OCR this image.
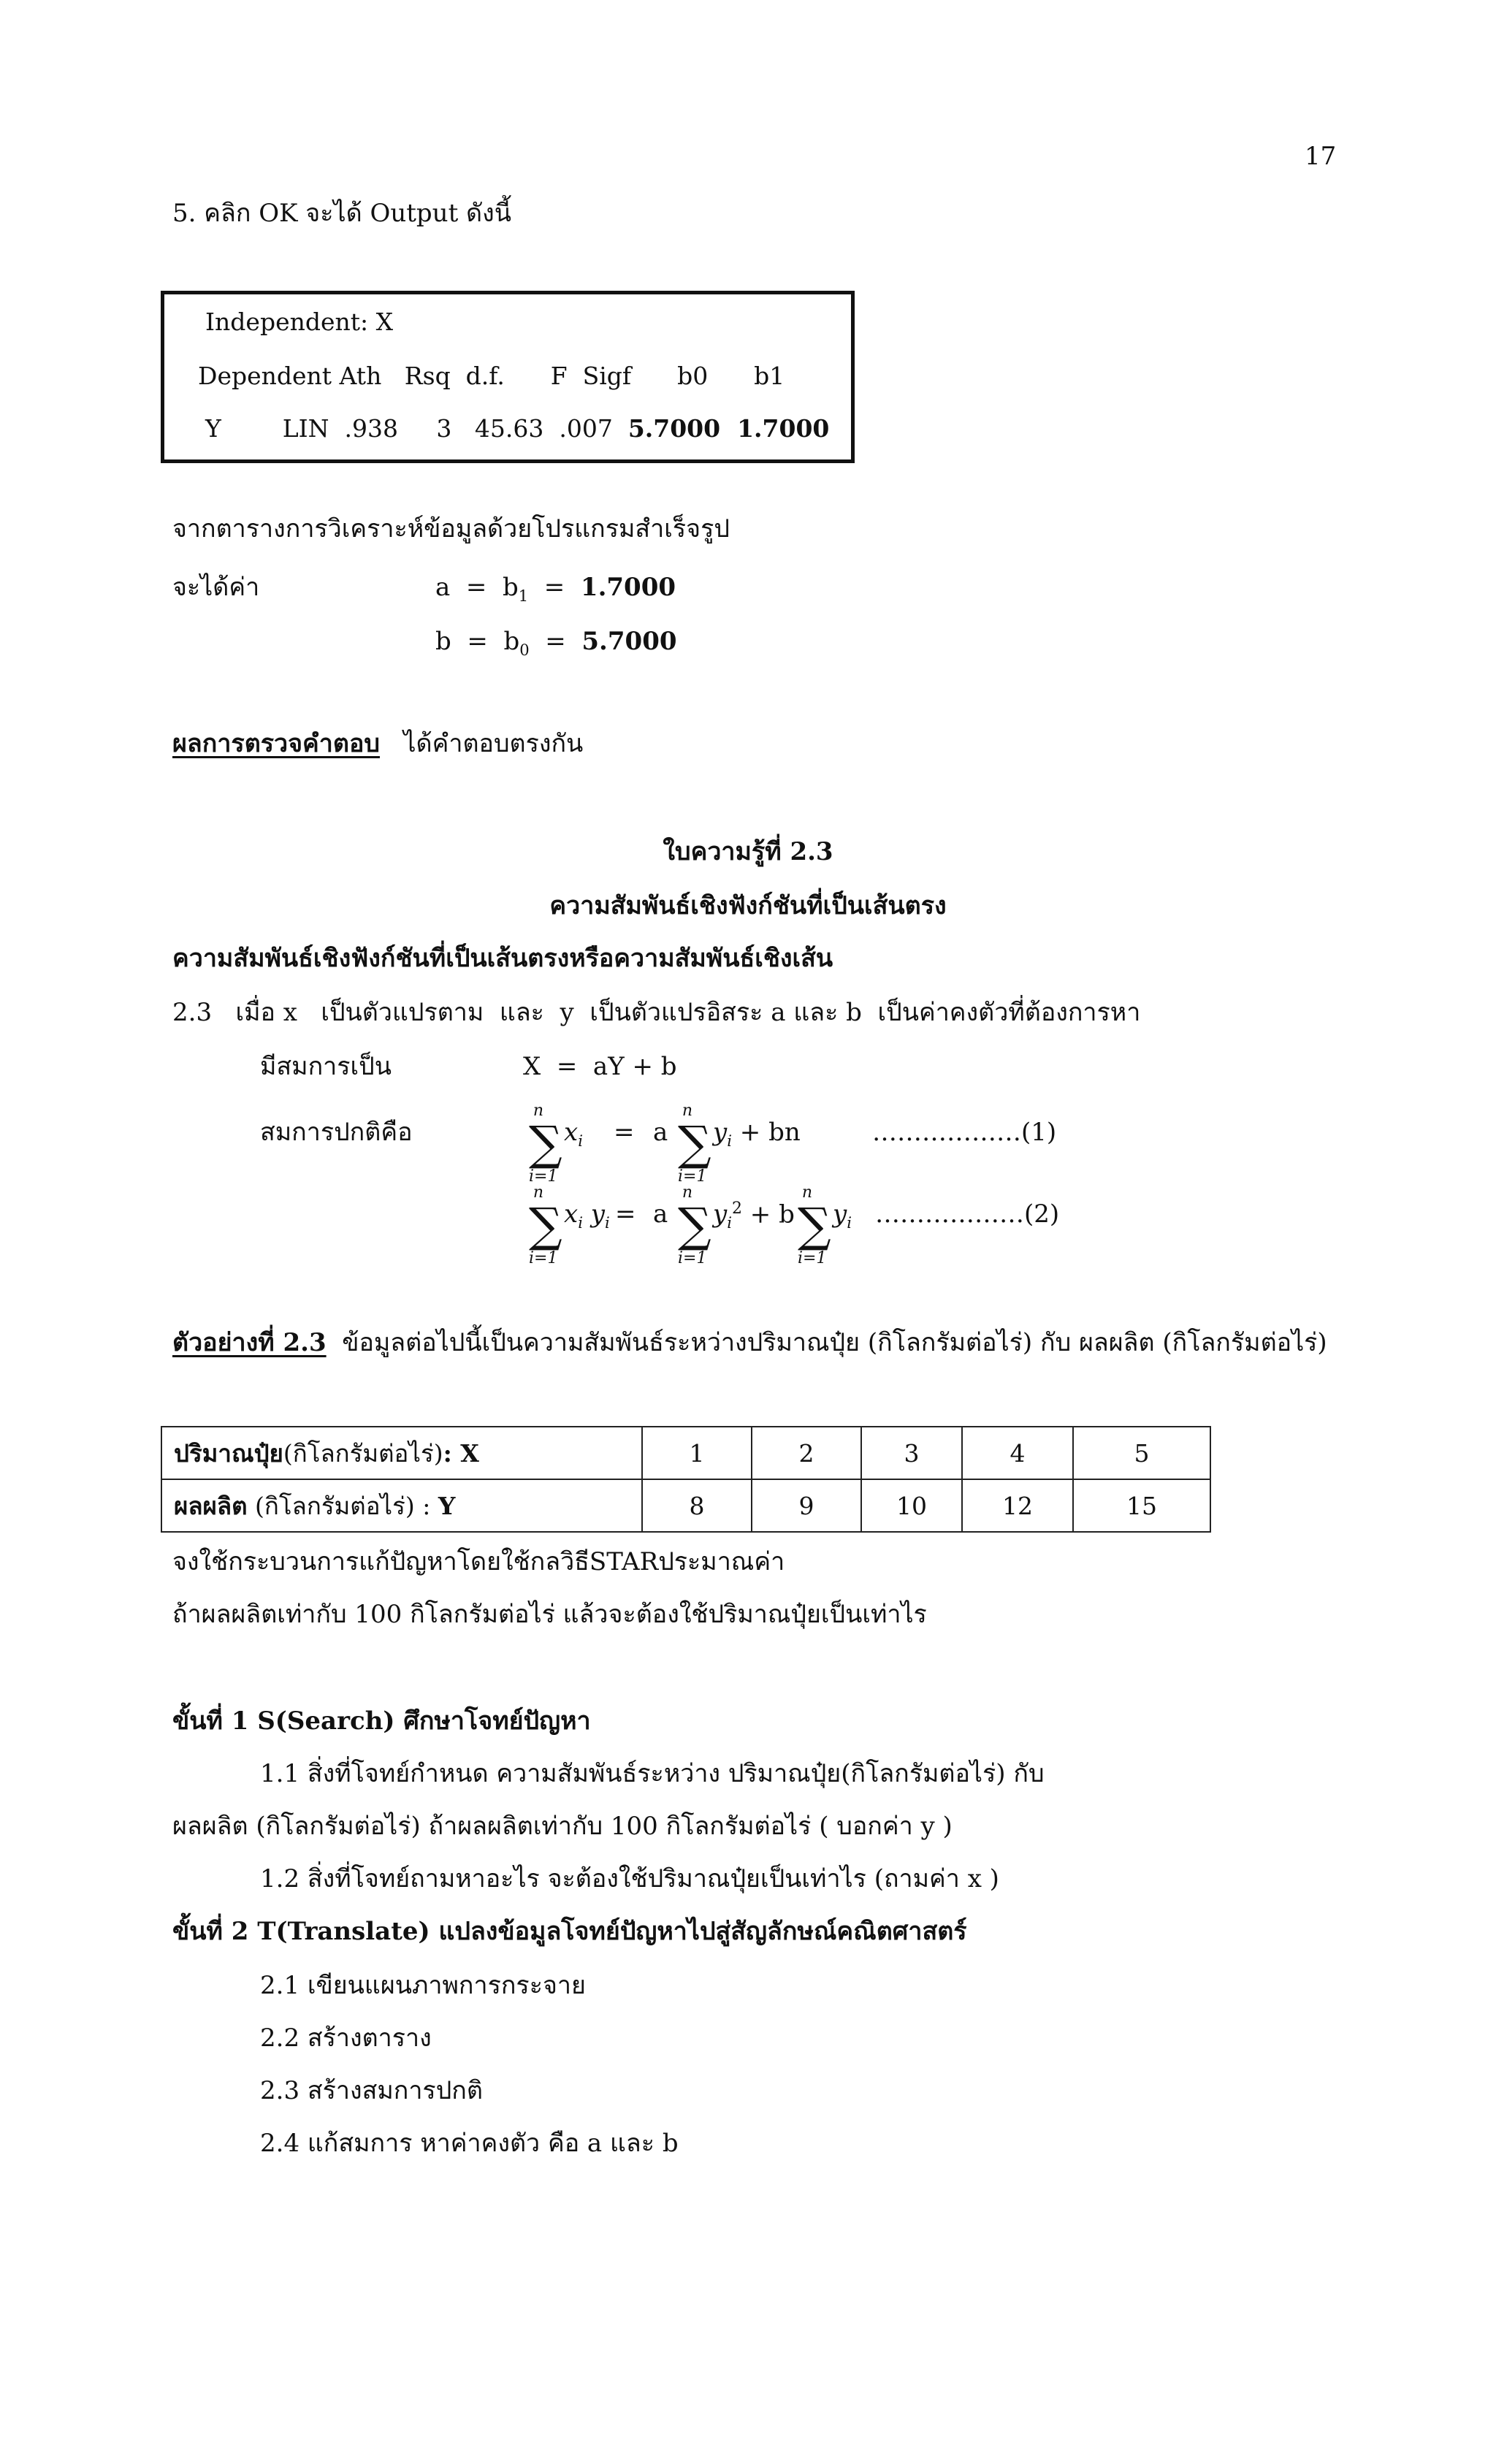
17
5. คลิก OK จะได้ Output ดังนี้
Independent: X
Dependent Ath   Rsq  d.f.      F  Sigf      b0      b1
Y        LIN  .938     3   45.63  .007  5.7000  1.7000
จากตารางการวิเคราะห์ข้อมูลด้วยโปรแกรมสำเร็จรูป
จะได้ค่า	$a = b_1 = 1.7000$
$b = b_0 = 5.7000$
ผลการตรวจคำตอบ ได้คำตอบตรงกัน
ใบความรู้ที่ 2.3
ความสัมพันธ์เชิงฟังก์ชันที่เป็นเส้นตรง
ความสัมพันธ์เชิงฟังก์ชันที่เป็นเส้นตรงหรือความสัมพันธ์เชิงเส้น
2.3   เมื่อ x   เป็นตัวแปรตาม  และ  y  เป็นตัวแปรอิสระ a และ b  เป็นค่าคงตัวที่ต้องการหา
มีสมการเป็น	X  =  aY + b
สมการปกติคือ
n
∑
i=1
$x_i = a$
n
∑
i=1
$y_i$ + bn	………………(1)
n
∑
i=1
$x_i$ $y_i = a$
n
∑
i=1
$y_i^2 + b$
n
∑
i=1
$y_i$ ………………(2)
ตัวอย่างที่ 2.3 ข้อมูลต่อไปนี้เป็นความสัมพันธ์ระหว่างปริมาณปุ๋ย (กิโลกรัมต่อไร่) กับ ผลผลิต (กิโลกรัมต่อไร่)
ปริมาณปุ๋ย(กิโลกรัมต่อไร่): X	1	2	3	4	5
ผลผลิต (กิโลกรัมต่อไร่) : Y	8	9	10	12	15
จงใช้กระบวนการแก้ปัญหาโดยใช้กลวิธีSTARประมาณค่า
ถ้าผลผลิตเท่ากับ 100 กิโลกรัมต่อไร่ แล้วจะต้องใช้ปริมาณปุ๋ยเป็นเท่าไร
ขั้นที่ 1 S(Search) ศึกษาโจทย์ปัญหา
1.1 สิ่งที่โจทย์กำหนด ความสัมพันธ์ระหว่าง ปริมาณปุ๋ย(กิโลกรัมต่อไร่) กับ
ผลผลิต (กิโลกรัมต่อไร่) ถ้าผลผลิตเท่ากับ 100 กิโลกรัมต่อไร่ ( บอกค่า y )
1.2 สิ่งที่โจทย์ถามหาอะไร จะต้องใช้ปริมาณปุ๋ยเป็นเท่าไร (ถามค่า x )
ขั้นที่ 2 T(Translate) แปลงข้อมูลโจทย์ปัญหาไปสู่สัญลักษณ์คณิตศาสตร์
2.1 เขียนแผนภาพการกระจาย
2.2 สร้างตาราง
2.3 สร้างสมการปกติ
2.4 แก้สมการ หาค่าคงตัว คือ a และ b
